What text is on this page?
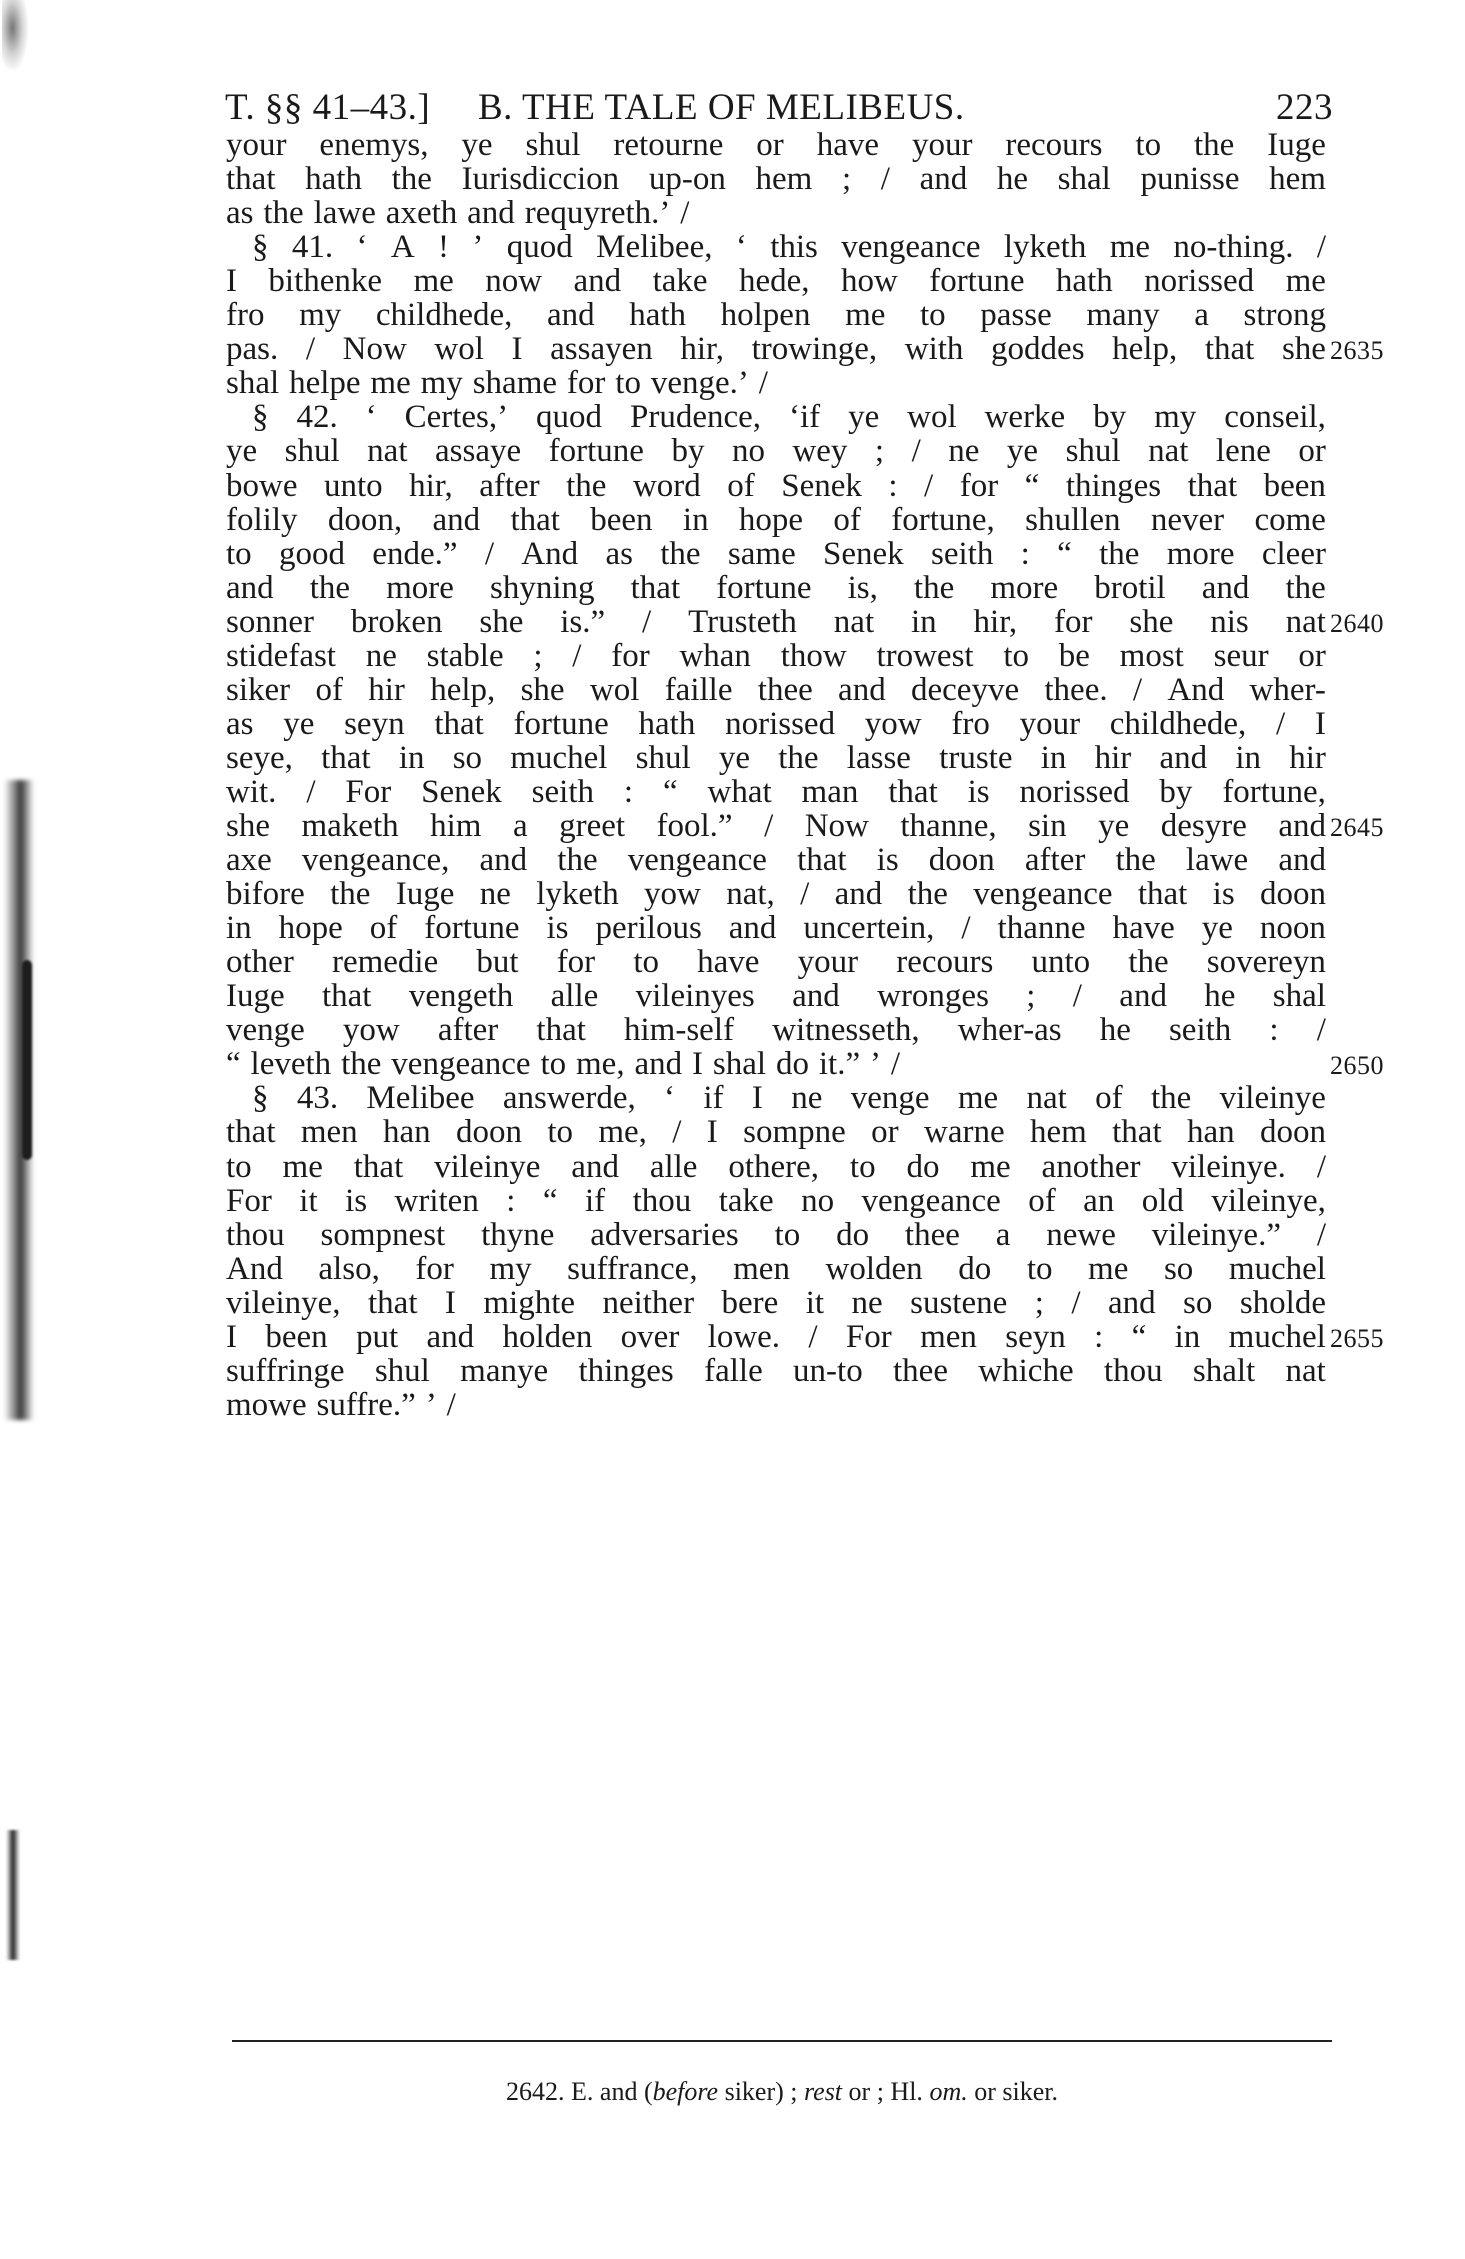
T. §§ 41–43.] B. THE TALE OF MELIBEUS.	223
your enemys, ye shul retourne or have your recours to the Iuge
that hath the Iurisdiccion up-on hem ; / and he shal punisse hem
as the lawe axeth and requyreth.’ /
§ 41. ‘ A ! ’ quod Melibee, ‘ this vengeance lyketh me no-thing. /
I bithenke me now and take hede, how fortune hath norissed me
fro my childhede, and hath holpen me to passe many a strong
pas. / Now wol I assayen hir, trowinge, with goddes help, that she
shal helpe me my shame for to venge.’ /
§ 42. ‘ Certes,’ quod Prudence, ‘if ye wol werke by my conseil,
ye shul nat assaye fortune by no wey ; / ne ye shul nat lene or
bowe unto hir, after the word of Senek : / for “ thinges that been
folily doon, and that been in hope of fortune, shullen never come
to good ende.” / And as the same Senek seith : “ the more cleer
and the more shyning that fortune is, the more brotil and the
sonner broken she is.” / Trusteth nat in hir, for she nis nat
stidefast ne stable ; / for whan thow trowest to be most seur or
siker of hir help, she wol faille thee and deceyve thee. / And wher-
as ye seyn that fortune hath norissed yow fro your childhede, / I
seye, that in so muchel shul ye the lasse truste in hir and in hir
wit. / For Senek seith : “ what man that is norissed by fortune,
she maketh him a greet fool.” / Now thanne, sin ye desyre and
axe vengeance, and the vengeance that is doon after the lawe and
bifore the Iuge ne lyketh yow nat, / and the vengeance that is doon
in hope of fortune is perilous and uncertein, / thanne have ye noon
other remedie but for to have your recours unto the sovereyn
Iuge that vengeth alle vileinyes and wronges ; / and he shal
venge yow after that him-self witnesseth, wher-as he seith : /
“ leveth the vengeance to me, and I shal do it.” ’ /
§ 43. Melibee answerde, ‘ if I ne venge me nat of the vileinye
that men han doon to me, / I sompne or warne hem that han doon
to me that vileinye and alle othere, to do me another vileinye. /
For it is writen : “ if thou take no vengeance of an old vileinye,
thou sompnest thyne adversaries to do thee a newe vileinye.” /
And also, for my suffrance, men wolden do to me so muchel
vileinye, that I mighte neither bere it ne sustene ; / and so sholde
I been put and holden over lowe. / For men seyn : “ in muchel
suffringe shul manye thinges falle un-to thee whiche thou shalt nat
mowe suffre.” ’ /
2635
2640
2645
2650
2655
2642. E. and (before siker) ; rest or ; Hl. om. or siker.
